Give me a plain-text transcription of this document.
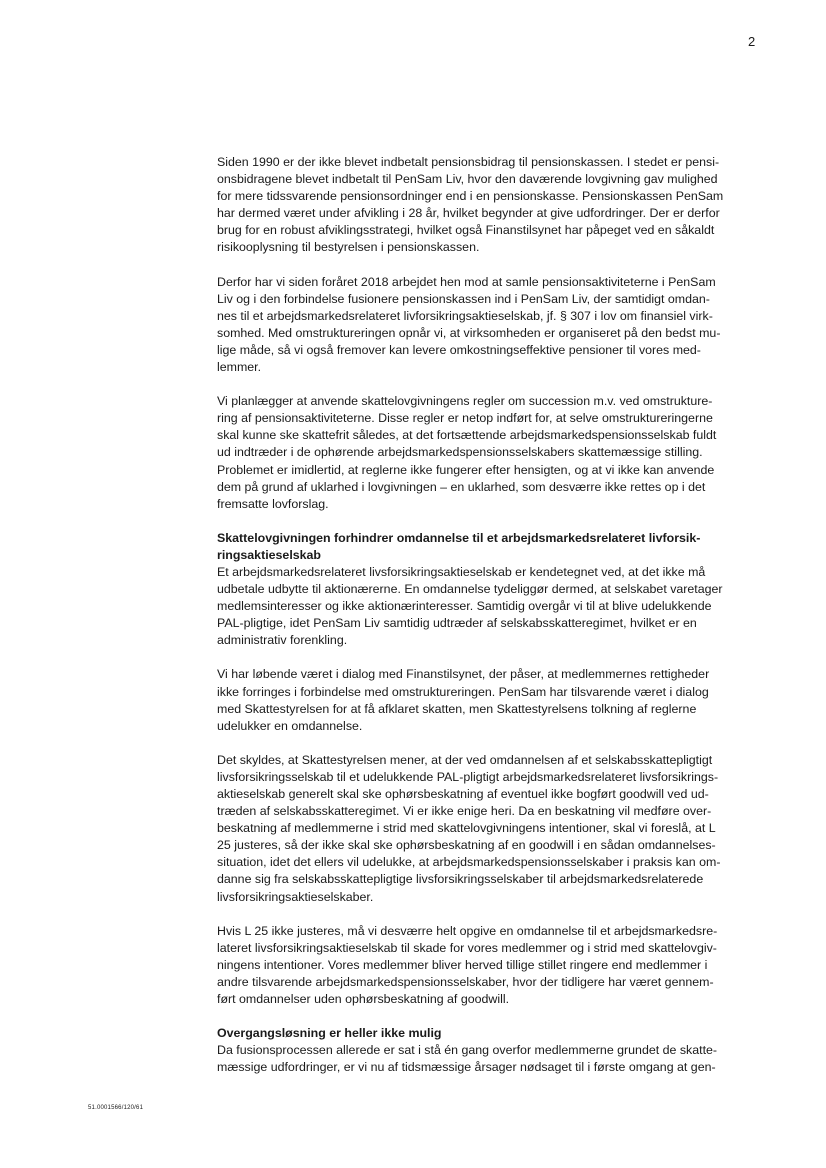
2
Siden 1990 er der ikke blevet indbetalt pensionsbidrag til pensionskassen. I stedet er pensi-
onsbidragene blevet indbetalt til PenSam Liv, hvor den daværende lovgivning gav mulighed
for mere tidssvarende pensionsordninger end i en pensionskasse. Pensionskassen PenSam
har dermed været under afvikling i 28 år, hvilket begynder at give udfordringer. Der er derfor
brug for en robust afviklingsstrategi, hvilket også Finanstilsynet har påpeget ved en såkaldt
risikooplysning til bestyrelsen i pensionskassen.
Derfor har vi siden foråret 2018 arbejdet hen mod at samle pensionsaktiviteterne i PenSam
Liv og i den forbindelse fusionere pensionskassen ind i PenSam Liv, der samtidigt omdan-
nes til et arbejdsmarkedsrelateret livforsikringsaktieselskab, jf. § 307 i lov om finansiel virk-
somhed. Med omstruktureringen opnår vi, at virksomheden er organiseret på den bedst mu-
lige måde, så vi også fremover kan levere omkostningseffektive pensioner til vores med-
lemmer.
Vi planlægger at anvende skattelovgivningens regler om succession m.v. ved omstrukture-
ring af pensionsaktiviteterne. Disse regler er netop indført for, at selve omstruktureringerne
skal kunne ske skattefrit således, at det fortsættende arbejdsmarkedspensionsselskab fuldt
ud indtræder i de ophørende arbejdsmarkedspensionsselskabers skattemæssige stilling.
Problemet er imidlertid, at reglerne ikke fungerer efter hensigten, og at vi ikke kan anvende
dem på grund af uklarhed i lovgivningen – en uklarhed, som desværre ikke rettes op i det
fremsatte lovforslag.
Skattelovgivningen forhindrer omdannelse til et arbejdsmarkedsrelateret livforsik-
ringsaktieselskab
Et arbejdsmarkedsrelateret livsforsikringsaktieselskab er kendetegnet ved, at det ikke må
udbetale udbytte til aktionærerne. En omdannelse tydeliggør dermed, at selskabet varetager
medlemsinteresser og ikke aktionærinteresser. Samtidig overgår vi til at blive udelukkende
PAL-pligtige, idet PenSam Liv samtidig udtræder af selskabsskatteregimet, hvilket er en
administrativ forenkling.
Vi har løbende været i dialog med Finanstilsynet, der påser, at medlemmernes rettigheder
ikke forringes i forbindelse med omstruktureringen. PenSam har tilsvarende været i dialog
med Skattestyrelsen for at få afklaret skatten, men Skattestyrelsens tolkning af reglerne
udelukker en omdannelse.
Det skyldes, at Skattestyrelsen mener, at der ved omdannelsen af et selskabsskattepligtigt
livsforsikringsselskab til et udelukkende PAL-pligtigt arbejdsmarkedsrelateret livsforsikrings-
aktieselskab generelt skal ske ophørsbeskatning af eventuel ikke bogført goodwill ved ud-
træden af selskabsskatteregimet. Vi er ikke enige heri. Da en beskatning vil medføre over-
beskatning af medlemmerne i strid med skattelovgivningens intentioner, skal vi foreslå, at L
25 justeres, så der ikke skal ske ophørsbeskatning af en goodwill i en sådan omdannelses-
situation, idet det ellers vil udelukke, at arbejdsmarkedspensionsselskaber i praksis kan om-
danne sig fra selskabsskattepligtige livsforsikringsselskaber til arbejdsmarkedsrelaterede
livsforsikringsaktieselskaber.
Hvis L 25 ikke justeres, må vi desværre helt opgive en omdannelse til et arbejdsmarkedsre-
lateret livsforsikringsaktieselskab til skade for vores medlemmer og i strid med skattelovgiv-
ningens intentioner. Vores medlemmer bliver herved tillige stillet ringere end medlemmer i
andre tilsvarende arbejdsmarkedspensionsselskaber, hvor der tidligere har været gennem-
ført omdannelser uden ophørsbeskatning af goodwill.
Overgangsløsning er heller ikke mulig
Da fusionsprocessen allerede er sat i stå én gang overfor medlemmerne grundet de skatte-
mæssige udfordringer, er vi nu af tidsmæssige årsager nødsaget til i første omgang at gen-
51.0001566/120/61
